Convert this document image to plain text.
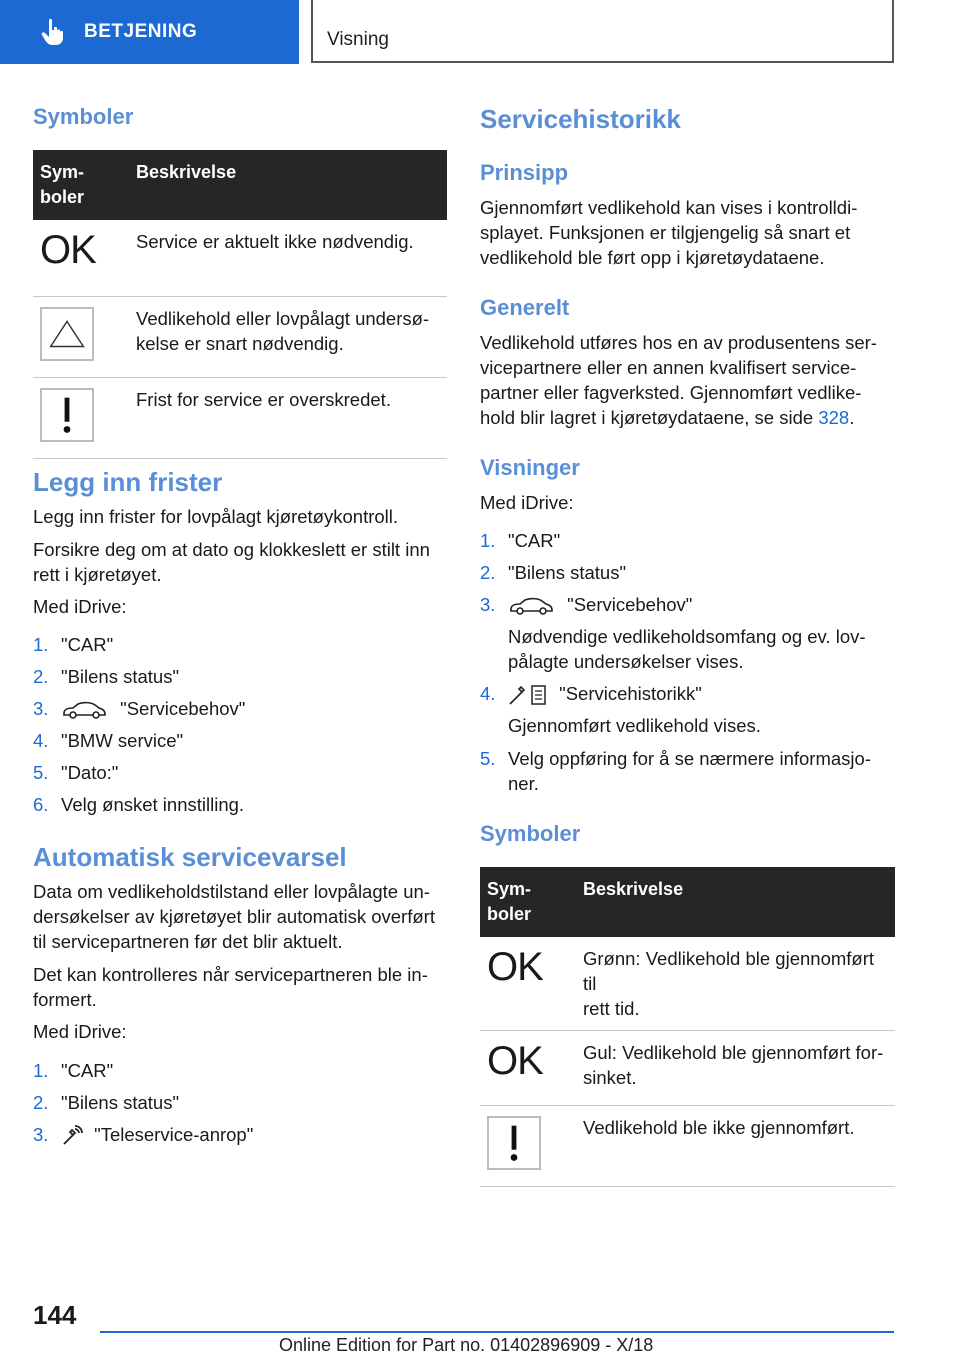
BETJENING	Visning
Symboler
Sym-
boler	Beskrivelse

OK	Service er aktuelt ikke nødvendig.
	Vedlikehold eller lovpålagt undersø-
kelse er snart nødvendig.
	Frist for service er overskredet.
Legg inn frister
Legg inn frister for lovpålagt kjøretøykontroll.
Forsikre deg om at dato og klokkeslett er stilt inn rett i kjøretøyet.
Med iDrive:
1. "CAR"
2. "Bilens status"
3.	"Servicebehov"
4. "BMW service"
5. "Dato:"
6. Velg ønsket innstilling.
Automatisk servicevarsel
Data om vedlikeholdstilstand eller lovpålagte un-
dersøkelser av kjøretøyet blir automatisk overført
til servicepartneren før det blir aktuelt.
Det kan kontrolleres når servicepartneren ble in-
formert.
Med iDrive:
1. "CAR"
2. "Bilens status"
3.	"Teleservice-anrop"
Servicehistorikk
Prinsipp
Gjennomført vedlikehold kan vises i kontrolldi-
splayet. Funksjonen er tilgjengelig så snart et
vedlikehold ble ført opp i kjøretøydataene.
Generelt
Vedlikehold utføres hos en av produsentens ser-
vicepartnere eller en annen kvalifisert service-
partner eller fagverksted. Gjennomført vedlike-
hold blir lagret i kjøretøydataene, se side 328.
Visninger
Med iDrive:
1. "CAR"
2. "Bilens status"
3.	"Servicebehov"
Nødvendige vedlikeholdsomfang og ev. lov-
pålagte undersøkelser vises.
4.	"Servicehistorikk"
Gjennomført vedlikehold vises.
5. Velg oppføring for å se nærmere informasjo-
ner.
Symboler
Sym-
boler	Beskrivelse

OK	Grønn: Vedlikehold ble gjennomført til
rett tid.

OK	Gul: Vedlikehold ble gjennomført for-
sinket.
	Vedlikehold ble ikke gjennomført.
144
Online Edition for Part no. 01402896909 - X/18
